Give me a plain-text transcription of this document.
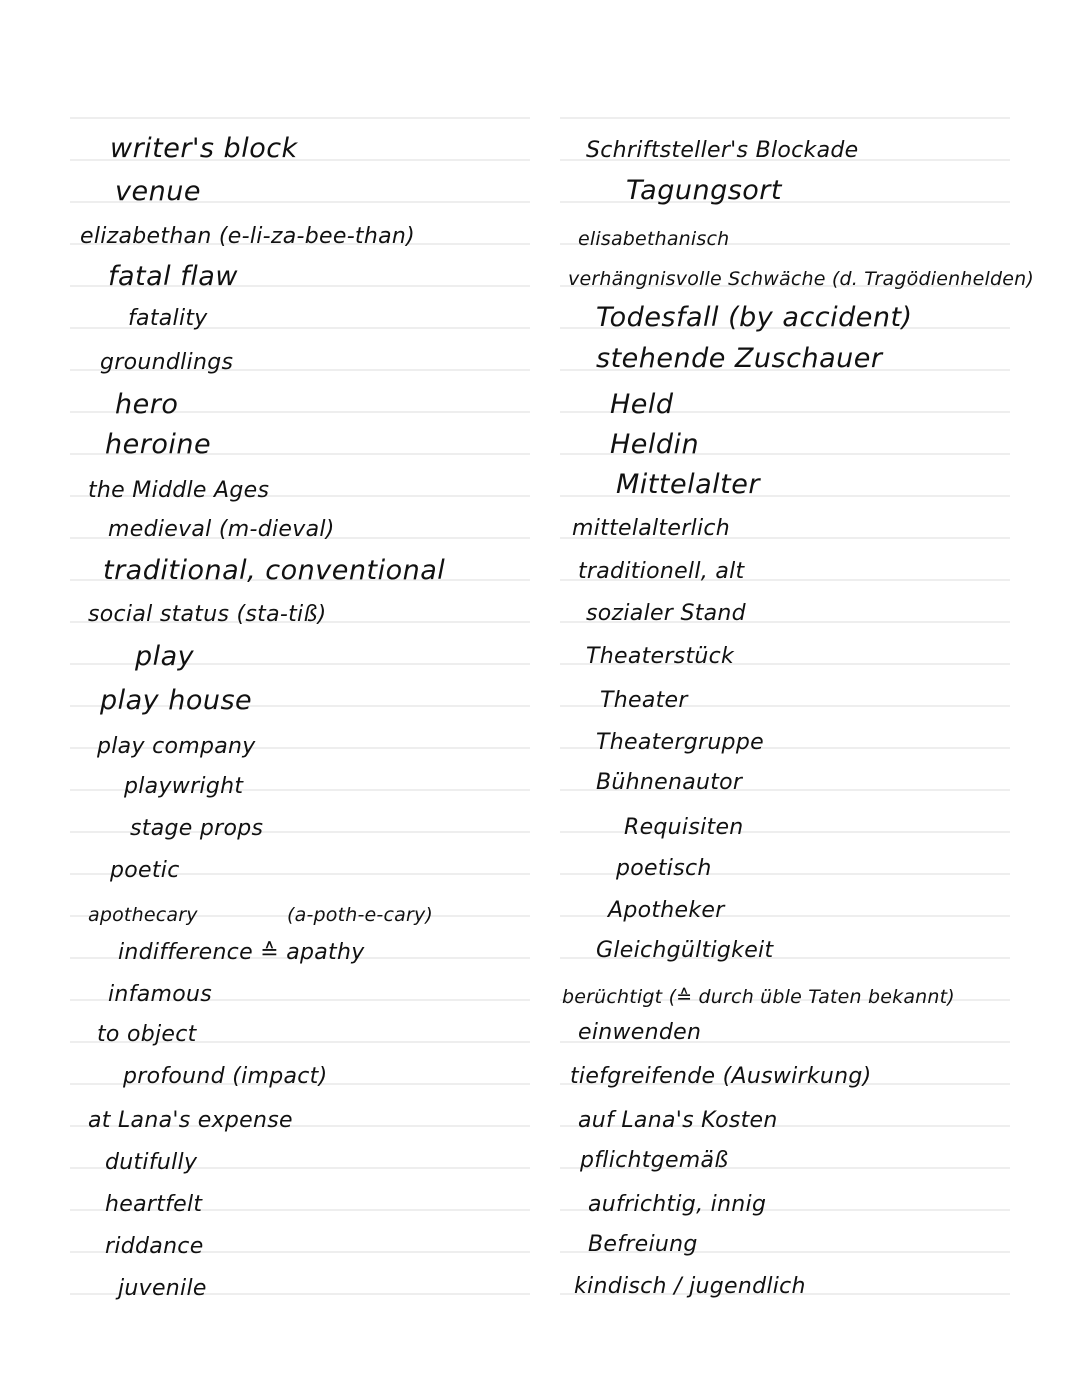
writer's block
venue
elizabethan (e-li-za-bee-than)
fatal flaw
fatality
groundlings
hero
heroine
the Middle Ages
medieval (m-dieval)
traditional, conventional
social status (sta-tiß)
play
play house
play company
playwright
stage props
poetic
apothecary	(a-poth-e-cary)
indifference ≙ apathy
infamous
to object
profound (impact)
at Lana's expense
dutifully
heartfelt
riddance
juvenile
Schriftsteller's Blockade
Tagungsort
elisabethanisch
verhängnisvolle Schwäche (d. Tragödienhelden)
Todesfall (by accident)
stehende Zuschauer
Held
Heldin
Mittelalter
mittelalterlich
traditionell, alt
sozialer Stand
Theaterstück
Theater
Theatergruppe
Bühnenautor
Requisiten
poetisch
Apotheker
Gleichgültigkeit
berüchtigt (≙ durch üble Taten bekannt)
einwenden
tiefgreifende (Auswirkung)
auf Lana's Kosten
pflichtgemäß
aufrichtig, innig
Befreiung
kindisch / jugendlich
